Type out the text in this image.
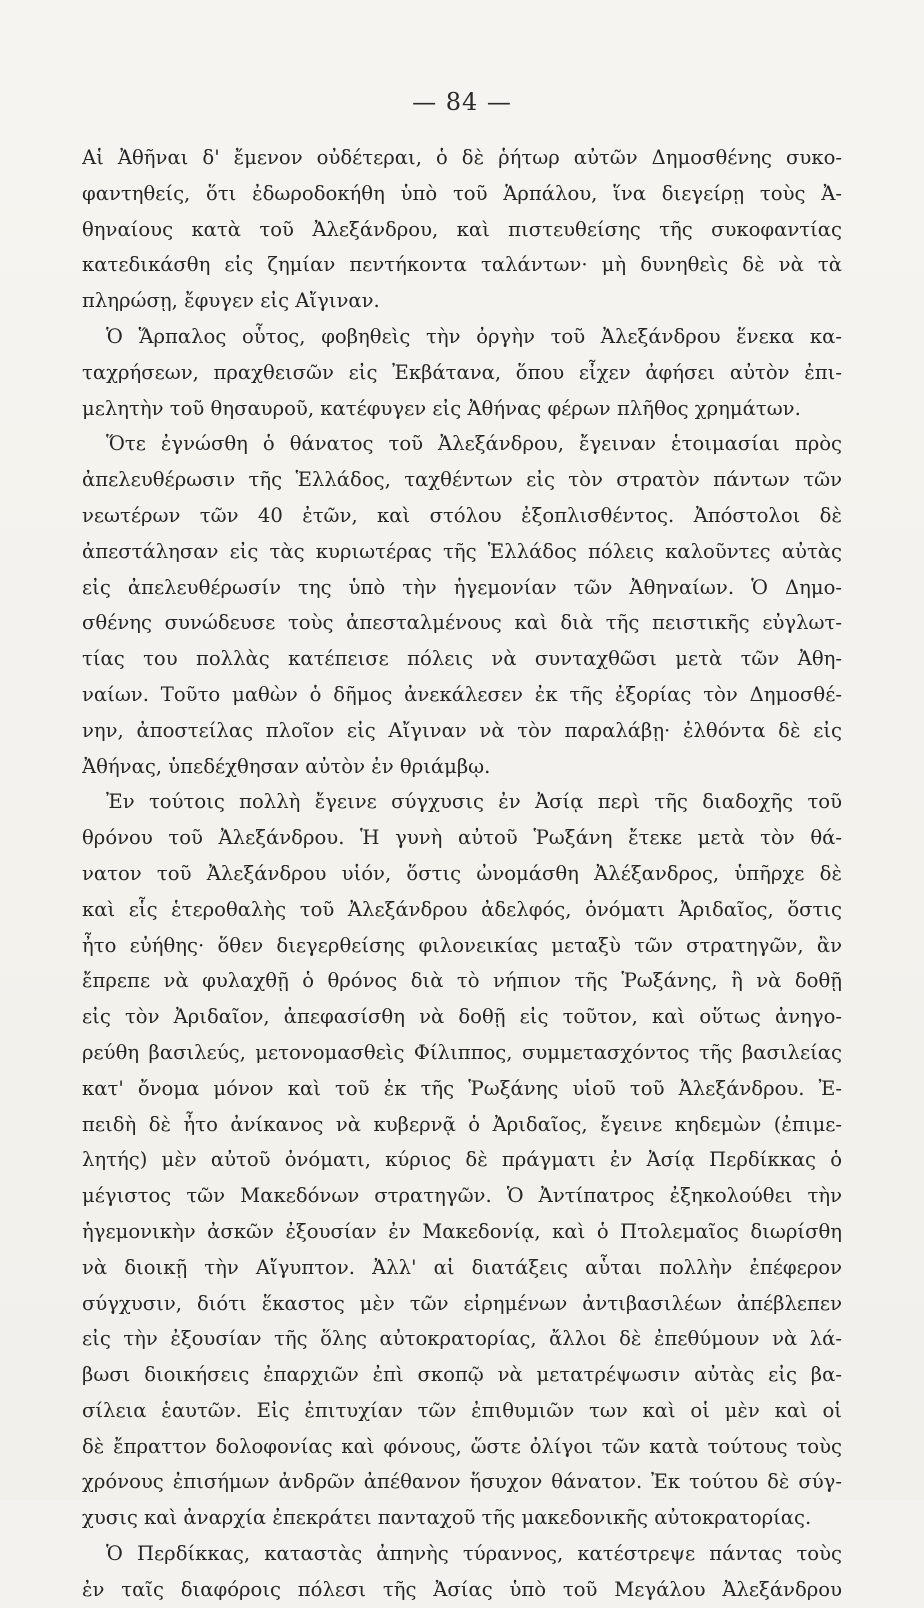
— 84 —
Αἱ Ἀθῆναι δ' ἔμενον οὐδέτεραι, ὁ δὲ ῥήτωρ αὐτῶν Δημοσθένης συκο-
φαντηθείς, ὅτι ἐδωροδοκήθη ὑπὸ τοῦ Ἁρπάλου, ἵνα διεγείρῃ τοὺς Ἀ-
θηναίους κατὰ τοῦ Ἀλεξάνδρου, καὶ πιστευθείσης τῆς συκοφαντίας
κατεδικάσθη εἰς ζημίαν πεντήκοντα ταλάντων· μὴ δυνηθεὶς δὲ νὰ τὰ
πληρώσῃ, ἔφυγεν εἰς Αἴγιναν.
Ὁ Ἅρπαλος οὗτος, φοβηθεὶς τὴν ὀργὴν τοῦ Ἀλεξάνδρου ἕνεκα κα-
ταχρήσεων, πραχθεισῶν εἰς Ἐκβάτανα, ὅπου εἶχεν ἀφήσει αὐτὸν ἐπι-
μελητὴν τοῦ θησαυροῦ, κατέφυγεν εἰς Ἀθήνας φέρων πλῆθος χρημάτων.
Ὅτε ἐγνώσθη ὁ θάνατος τοῦ Ἀλεξάνδρου, ἔγειναν ἑτοιμασίαι πρὸς
ἀπελευθέρωσιν τῆς Ἑλλάδος, ταχθέντων εἰς τὸν στρατὸν πάντων τῶν
νεωτέρων τῶν 40 ἐτῶν, καὶ στόλου ἐξοπλισθέντος. Ἀπόστολοι δὲ
ἀπεστάλησαν εἰς τὰς κυριωτέρας τῆς Ἑλλάδος πόλεις καλοῦντες αὐτὰς
εἰς ἀπελευθέρωσίν της ὑπὸ τὴν ἡγεμονίαν τῶν Ἀθηναίων. Ὁ Δημο-
σθένης συνώδευσε τοὺς ἀπεσταλμένους καὶ διὰ τῆς πειστικῆς εὐγλωτ-
τίας του πολλὰς κατέπεισε πόλεις νὰ συνταχθῶσι μετὰ τῶν Ἀθη-
ναίων. Τοῦτο μαθὼν ὁ δῆμος ἀνεκάλεσεν ἐκ τῆς ἐξορίας τὸν Δημοσθέ-
νην, ἀποστείλας πλοῖον εἰς Αἴγιναν νὰ τὸν παραλάβῃ· ἐλθόντα δὲ εἰς
Ἀθήνας, ὑπεδέχθησαν αὐτὸν ἐν θριάμβῳ.
Ἐν τούτοις πολλὴ ἔγεινε σύγχυσις ἐν Ἀσίᾳ περὶ τῆς διαδοχῆς τοῦ
θρόνου τοῦ Ἀλεξάνδρου. Ἡ γυνὴ αὐτοῦ Ῥωξάνη ἔτεκε μετὰ τὸν θά-
νατον τοῦ Ἀλεξάνδρου υἱόν, ὅστις ὠνομάσθη Ἀλέξανδρος, ὑπῆρχε δὲ
καὶ εἷς ἑτεροθαλὴς τοῦ Ἀλεξάνδρου ἀδελφός, ὀνόματι Ἀριδαῖος, ὅστις
ἦτο εὐήθης· ὅθεν διεγερθείσης φιλονεικίας μεταξὺ τῶν στρατηγῶν, ἂν
ἔπρεπε νὰ φυλαχθῇ ὁ θρόνος διὰ τὸ νήπιον τῆς Ῥωξάνης, ἢ νὰ δοθῇ
εἰς τὸν Ἀριδαῖον, ἀπεφασίσθη νὰ δοθῇ εἰς τοῦτον, καὶ οὕτως ἀνηγο-
ρεύθη βασιλεύς, μετονομασθεὶς Φίλιππος, συμμετασχόντος τῆς βασιλείας
κατ' ὄνομα μόνον καὶ τοῦ ἐκ τῆς Ῥωξάνης υἱοῦ τοῦ Ἀλεξάνδρου. Ἐ-
πειδὴ δὲ ἦτο ἀνίκανος νὰ κυβερνᾷ ὁ Ἀριδαῖος, ἔγεινε κηδεμὼν (ἐπιμε-
λητής) μὲν αὐτοῦ ὀνόματι, κύριος δὲ πράγματι ἐν Ἀσίᾳ Περδίκκας ὁ
μέγιστος τῶν Μακεδόνων στρατηγῶν. Ὁ Ἀντίπατρος ἐξηκολούθει τὴν
ἡγεμονικὴν ἀσκῶν ἐξουσίαν ἐν Μακεδονίᾳ, καὶ ὁ Πτολεμαῖος διωρίσθη
νὰ διοικῇ τὴν Αἴγυπτον. Ἀλλ' αἱ διατάξεις αὗται πολλὴν ἐπέφερον
σύγχυσιν, διότι ἕκαστος μὲν τῶν εἰρημένων ἀντιβασιλέων ἀπέβλεπεν
εἰς τὴν ἐξουσίαν τῆς ὅλης αὐτοκρατορίας, ἄλλοι δὲ ἐπεθύμουν νὰ λά-
βωσι διοικήσεις ἐπαρχιῶν ἐπὶ σκοπῷ νὰ μετατρέψωσιν αὐτὰς εἰς βα-
σίλεια ἑαυτῶν. Εἰς ἐπιτυχίαν τῶν ἐπιθυμιῶν των καὶ οἱ μὲν καὶ οἱ
δὲ ἔπραττον δολοφονίας καὶ φόνους, ὥστε ὀλίγοι τῶν κατὰ τούτους τοὺς
χρόνους ἐπισήμων ἀνδρῶν ἀπέθανον ἥσυχον θάνατον. Ἐκ τούτου δὲ σύγ-
χυσις καὶ ἀναρχία ἐπεκράτει πανταχοῦ τῆς μακεδονικῆς αὐτοκρατορίας.
Ὁ Περδίκκας, καταστὰς ἀπηνὴς τύραννος, κατέστρεψε πάντας τοὺς
ἐν ταῖς διαφόροις πόλεσι τῆς Ἀσίας ὑπὸ τοῦ Μεγάλου Ἀλεξάνδρου
